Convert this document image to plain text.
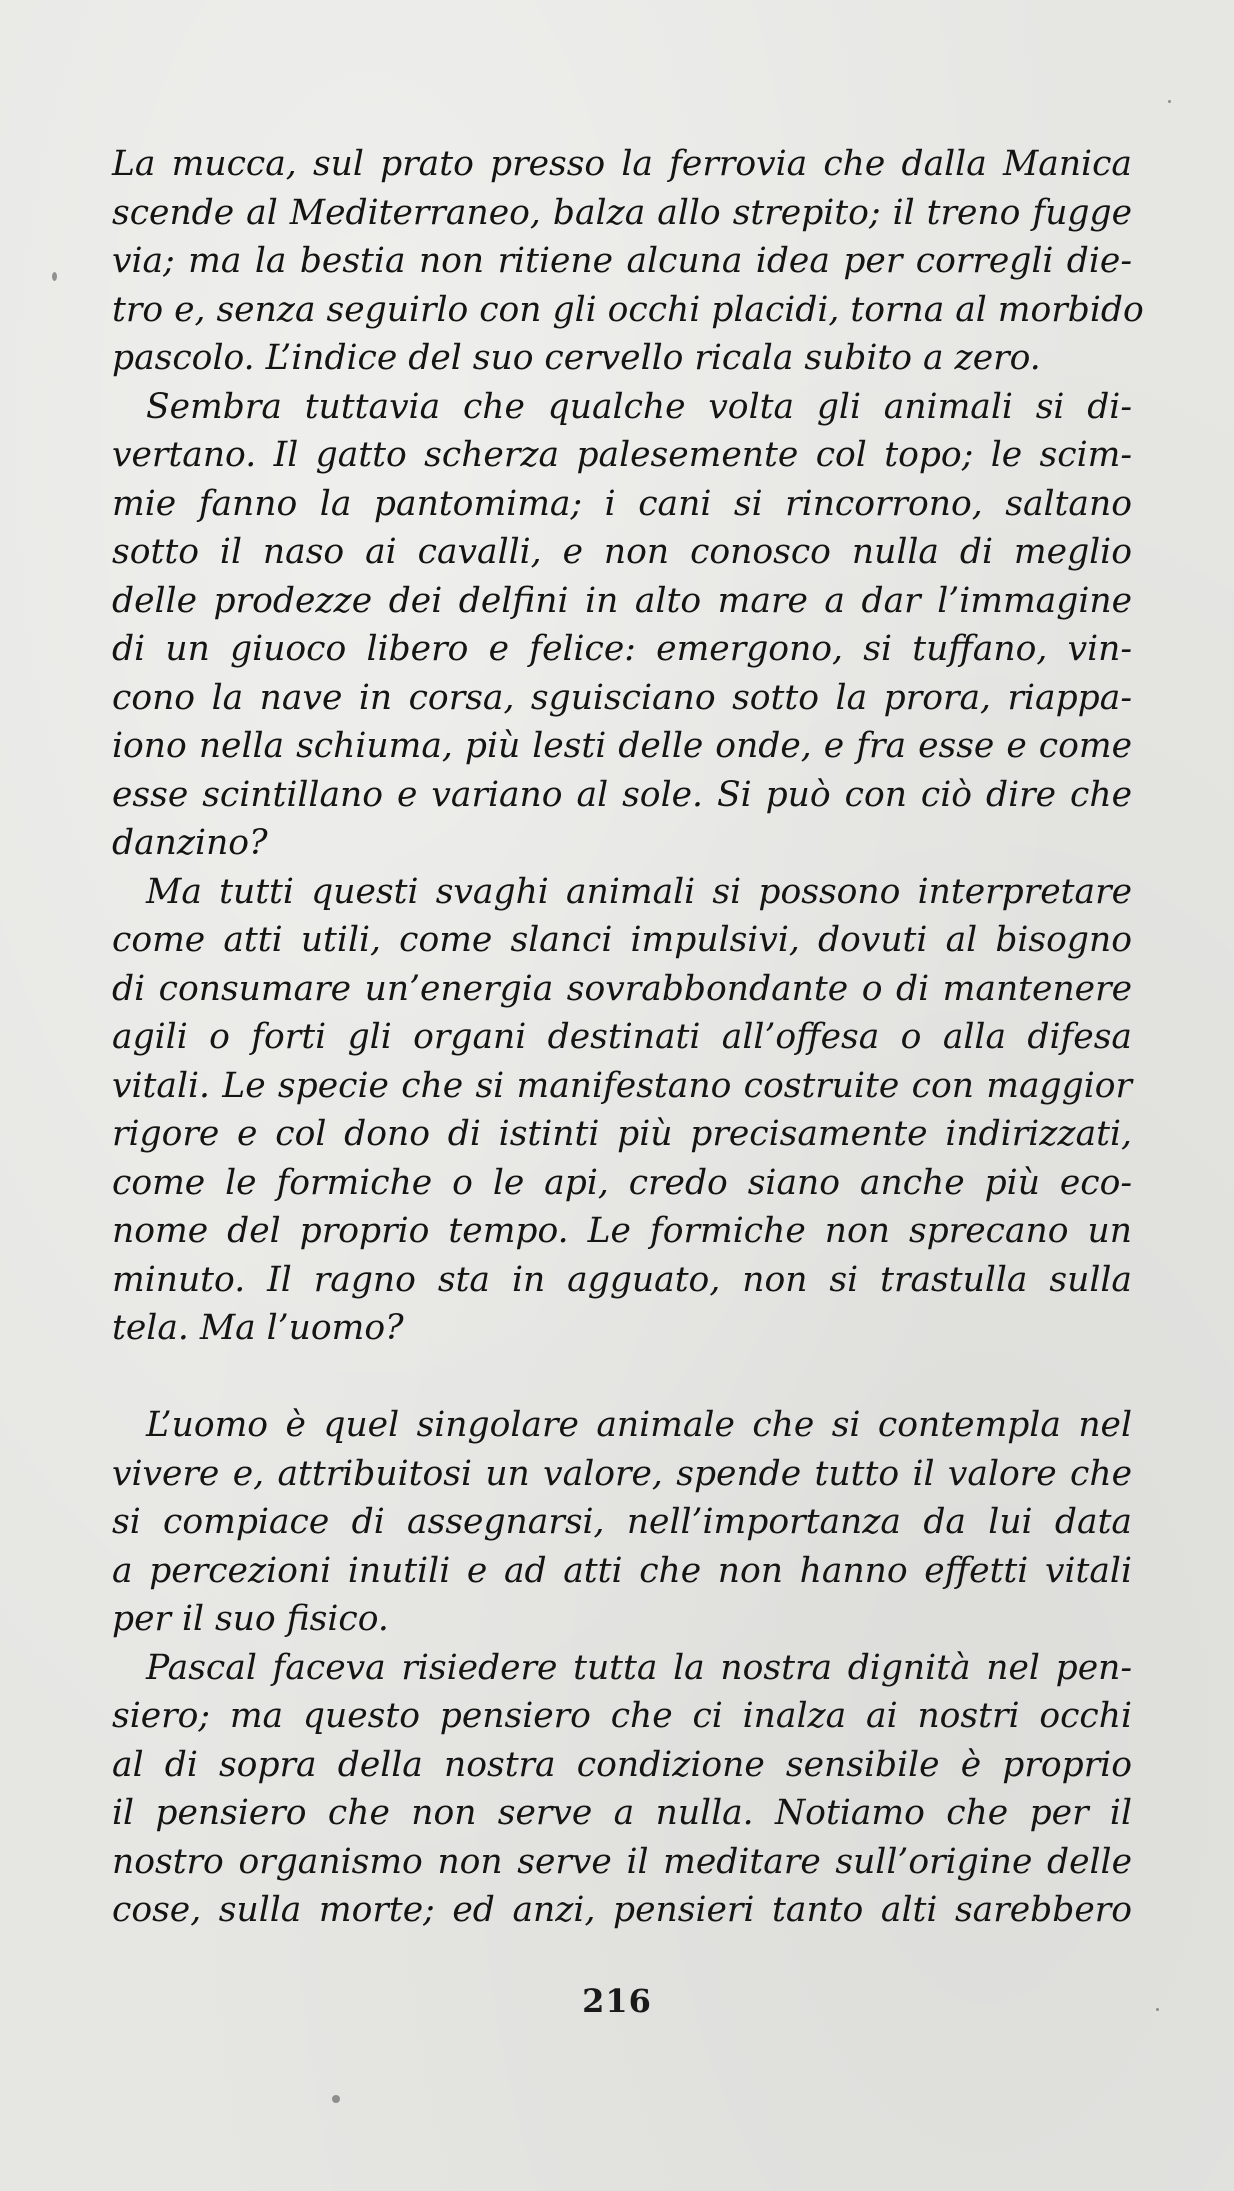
La mucca, sul prato presso la ferrovia che dalla Manica
scende al Mediterraneo, balza allo strepito; il treno fugge
via; ma la bestia non ritiene alcuna idea per corregli die-
tro e, senza seguirlo con gli occhi placidi, torna al morbido
pascolo. L’indice del suo cervello ricala subito a zero.
Sembra tuttavia che qualche volta gli animali si di-
vertano. Il gatto scherza palesemente col topo; le scim-
mie fanno la pantomima; i cani si rincorrono, saltano
sotto il naso ai cavalli, e non conosco nulla di meglio
delle prodezze dei delfini in alto mare a dar l’immagine
di un giuoco libero e felice: emergono, si tuffano, vin-
cono la nave in corsa, sguisciano sotto la prora, riappa-
iono nella schiuma, più lesti delle onde, e fra esse e come
esse scintillano e variano al sole. Si può con ciò dire che
danzino?
Ma tutti questi svaghi animali si possono interpretare
come atti utili, come slanci impulsivi, dovuti al bisogno
di consumare un’energia sovrabbondante o di mantenere
agili o forti gli organi destinati all’offesa o alla difesa
vitali. Le specie che si manifestano costruite con maggior
rigore e col dono di istinti più precisamente indirizzati,
come le formiche o le api, credo siano anche più eco-
nome del proprio tempo. Le formiche non sprecano un
minuto. Il ragno sta in agguato, non si trastulla sulla
tela. Ma l’uomo?
L’uomo è quel singolare animale che si contempla nel
vivere e, attribuitosi un valore, spende tutto il valore che
si compiace di assegnarsi, nell’importanza da lui data
a percezioni inutili e ad atti che non hanno effetti vitali
per il suo fisico.
Pascal faceva risiedere tutta la nostra dignità nel pen-
siero; ma questo pensiero che ci inalza ai nostri occhi
al di sopra della nostra condizione sensibile è proprio
il pensiero che non serve a nulla. Notiamo che per il
nostro organismo non serve il meditare sull’origine delle
cose, sulla morte; ed anzi, pensieri tanto alti sarebbero
216
